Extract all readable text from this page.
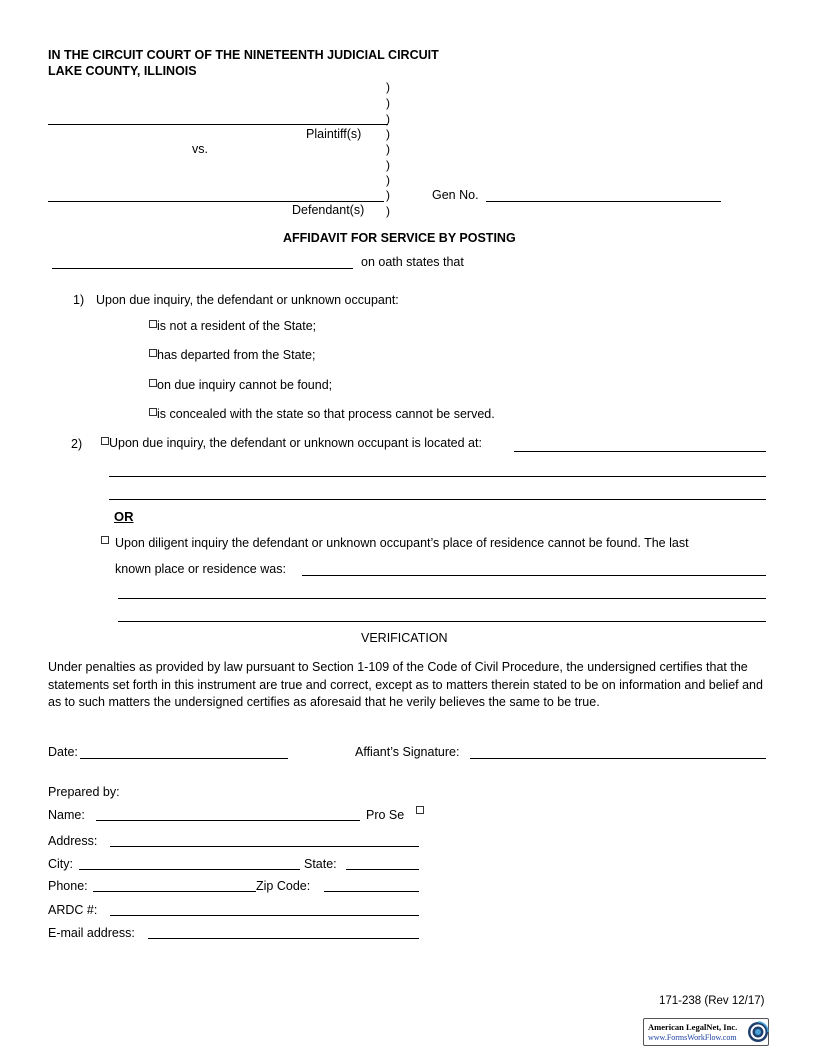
IN THE CIRCUIT COURT OF THE NINETEENTH JUDICIAL CIRCUIT
LAKE COUNTY, ILLINOIS
)
)
)
)
)
)
)
)
)
Plaintiff(s)
vs.
Defendant(s)
Gen No.
AFFIDAVIT FOR SERVICE BY POSTING
on oath states that
1) Upon due inquiry, the defendant or unknown occupant:
is not a resident of the State;
has departed from the State;
on due inquiry cannot be found;
is concealed with the state so that process cannot be served.
2)	Upon due inquiry, the defendant or unknown occupant is located at:
OR
Upon diligent inquiry the defendant or unknown occupant’s place of residence cannot be found. The last
known place or residence was:
VERIFICATION

Under penalties as provided by law pursuant to Section 1-109 of the Code of Civil Procedure, the undersigned certifies that the statements set forth in this instrument are true and correct, except as to matters therein stated to be on information and belief and as to such matters the undersigned certifies as aforesaid that he verily believes the same to be true.

Date:	Affiant’s Signature:
Prepared by:
Name:	Pro Se
Address:
City:	State:
Phone:	Zip Code:
ARDC #:
E-mail address:
171-238 (Rev 12/17)
American LegalNet, Inc.
www.FormsWorkFlow.com
